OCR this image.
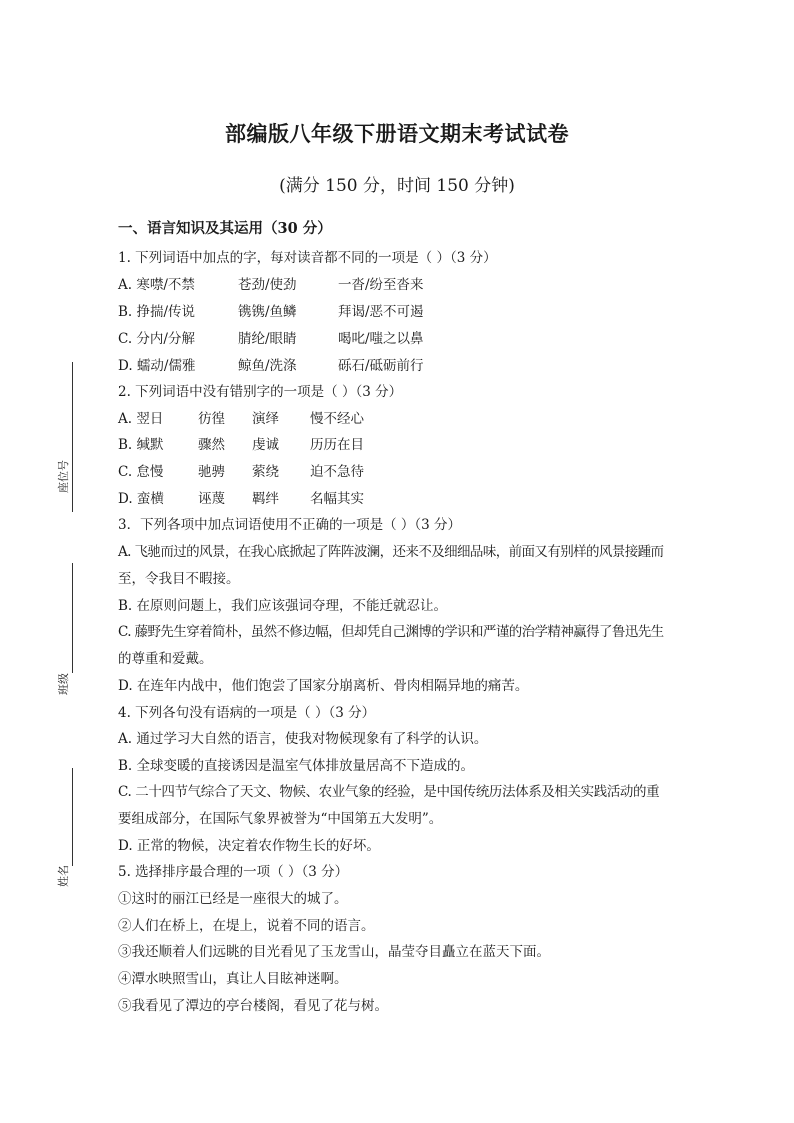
部编版八年级下册语文期末考试试卷
(满分 150 分，时间 150 分钟)
一、语言知识及其运用（30 分）
1. 下列词语中加点的字，每对读音都不同的一项是（ ）（3 分）
A. 寒噤/不禁	苍劲/使劲	一沓/纷至沓来
B. 挣揣/传说	镌镌/鱼鳞	拜谒/恶不可遏
C. 分内/分解	腈纶/眼睛	喝叱/嗤之以鼻
D. 蠕动/儒雅	鲸鱼/洗涤	砾石/砥砺前行
2. 下列词语中没有错别字的一项是（ ）（3 分）
A. 翌日	彷徨 演绎 慢不经心
B. 缄默	骤然 虔诚 历历在目
C. 怠慢	驰骋 萦绕 迫不急待
D. 蛮横	诬蔑 羁绊 名幅其实
3．下列各项中加点词语使用不正确的一项是（ ）（3 分）
A. 飞驰而过的风景，在我心底掀起了阵阵波澜，还来不及细细品味，前面又有别样的风景接踵而
至，令我目不暇接。
B. 在原则问题上，我们应该强词夺理，不能迁就忍让。
C. 藤野先生穿着简朴，虽然不修边幅，但却凭自己渊博的学识和严谨的治学精神赢得了鲁迅先生
的尊重和爱戴。
D. 在连年内战中，他们饱尝了国家分崩离析、骨肉相隔异地的痛苦。
4. 下列各句没有语病的一项是（ ）（3 分）
A. 通过学习大自然的语言，使我对物候现象有了科学的认识。
B. 全球变暖的直接诱因是温室气体排放量居高不下造成的。
C. 二十四节气综合了天文、物候、农业气象的经验，是中国传统历法体系及相关实践活动的重
要组成部分，在国际气象界被誉为“中国第五大发明”。
D. 正常的物候，决定着农作物生长的好坏。
5. 选择排序最合理的一项（ ）（3 分）
①这时的丽江已经是一座很大的城了。
②人们在桥上，在堤上，说着不同的语言。
③我还顺着人们远眺的目光看见了玉龙雪山，晶莹夺目矗立在蓝天下面。
④潭水映照雪山，真让人目眩神迷啊。
⑤我看见了潭边的亭台楼阁，看见了花与树。
座位号
班级
姓名
